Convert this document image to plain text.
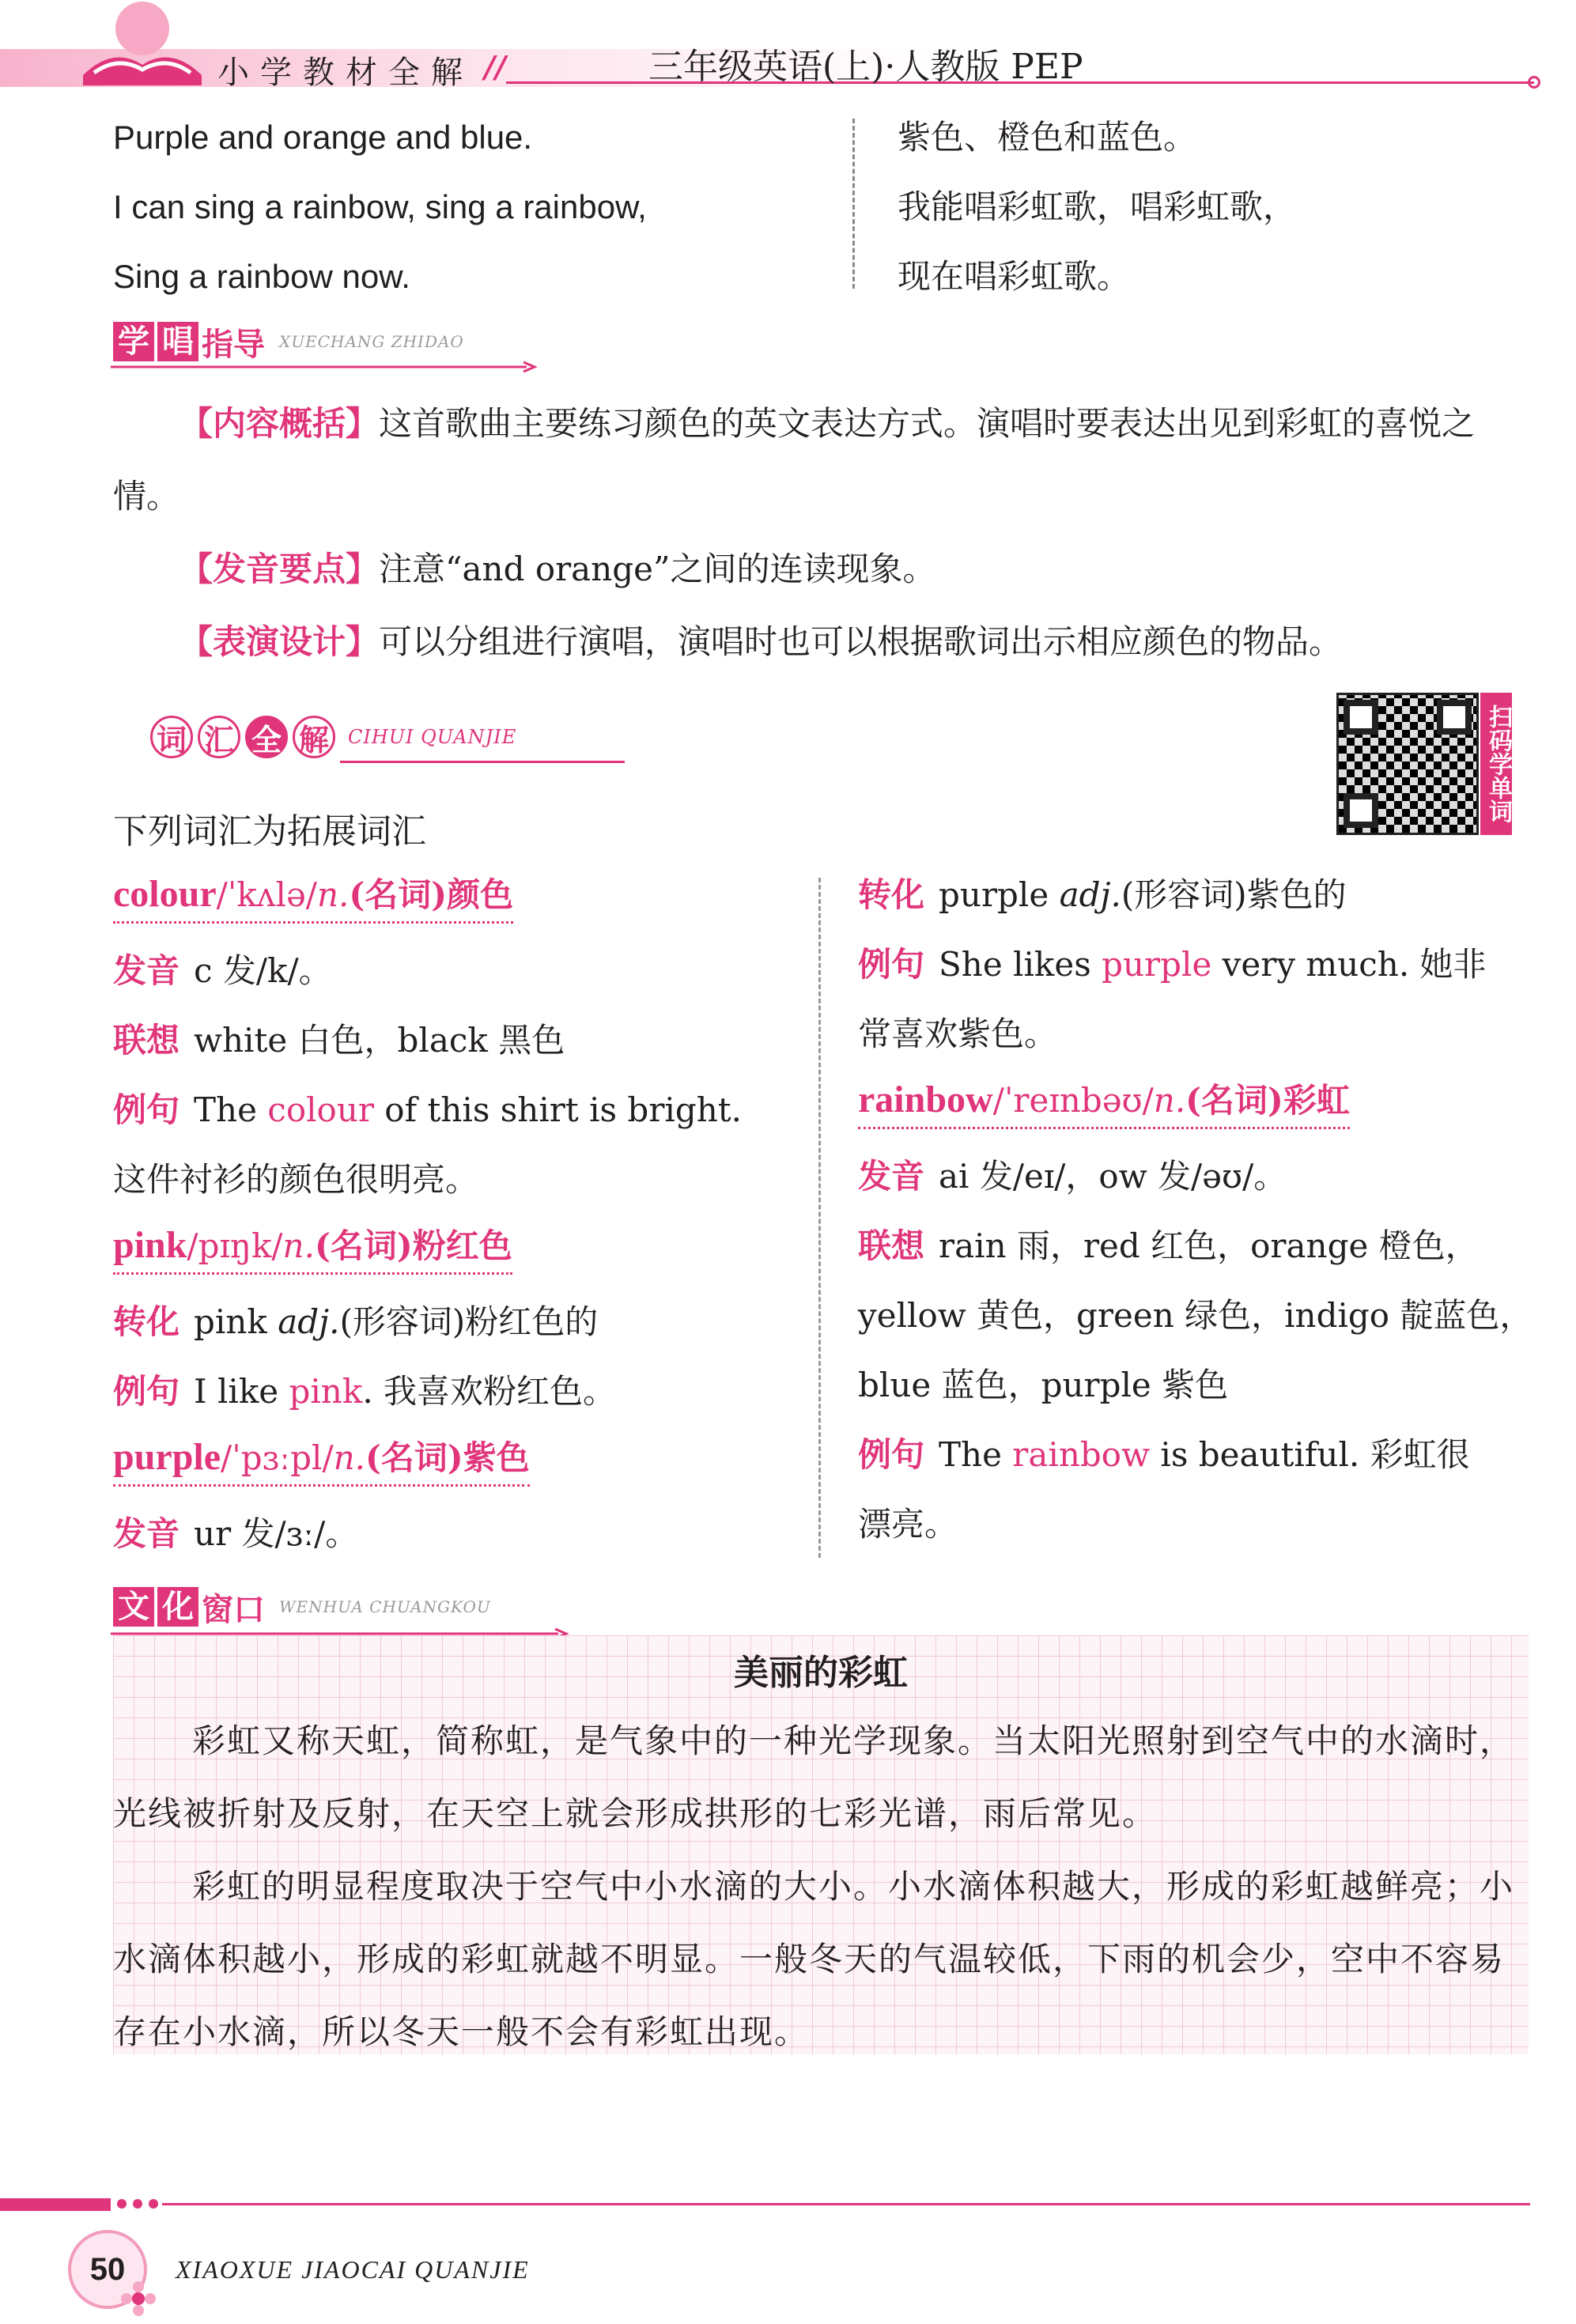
小学教材全解 //	三年级英语(上)·人教版 PEP
Purple and orange and blue.
I can sing a rainbow, sing a rainbow,
Sing a rainbow now.
紫色、橙色和蓝色。
我能唱彩虹歌，唱彩虹歌，
现在唱彩虹歌。
学 唱 指导 XUECHANG ZHIDAO

【内容概括】这首歌曲主要练习颜色的英文表达方式。演唱时要表达出见到彩虹的喜悦之情。

【发音要点】注意“and orange”之间的连读现象。

【表演设计】可以分组进行演唱，演唱时也可以根据歌词出示相应颜色的物品。

词 汇 全 解	CIHUI QUANJIE	扫码学单词
下列词汇为拓展词汇
colour/ˈkʌlə/n.(名词)颜色
发音 c 发/k/。
联想 white 白色，black 黑色
例句 The colour of this shirt is bright.
这件衬衫的颜色很明亮。
pink/pɪŋk/n.(名词)粉红色
转化 pink adj.(形容词)粉红色的
例句 I like pink. 我喜欢粉红色。
purple/ˈpɜːpl/n.(名词)紫色
发音 ur 发/ɜː/。
转化 purple adj.(形容词)紫色的
例句 She likes purple very much. 她非
常喜欢紫色。
rainbow/ˈreɪnbəʊ/n.(名词)彩虹
发音 ai 发/eɪ/，ow 发/əʊ/。
联想 rain 雨，red 红色，orange 橙色，
yellow 黄色，green 绿色，indigo 靛蓝色，
blue 蓝色，purple 紫色
例句 The rainbow is beautiful. 彩虹很
漂亮。
文 化 窗口 WENHUA CHUANGKOU
美丽的彩虹

彩虹又称天虹，简称虹，是气象中的一种光学现象。当太阳光照射到空气中的水滴时，光线被折射及反射，在天空上就会形成拱形的七彩光谱，雨后常见。

彩虹的明显程度取决于空气中小水滴的大小。小水滴体积越大，形成的彩虹越鲜亮；小水滴体积越小，形成的彩虹就越不明显。一般冬天的气温较低，下雨的机会少，空中不容易存在小水滴，所以冬天一般不会有彩虹出现。

50 XIAOXUE JIAOCAI QUANJIE
